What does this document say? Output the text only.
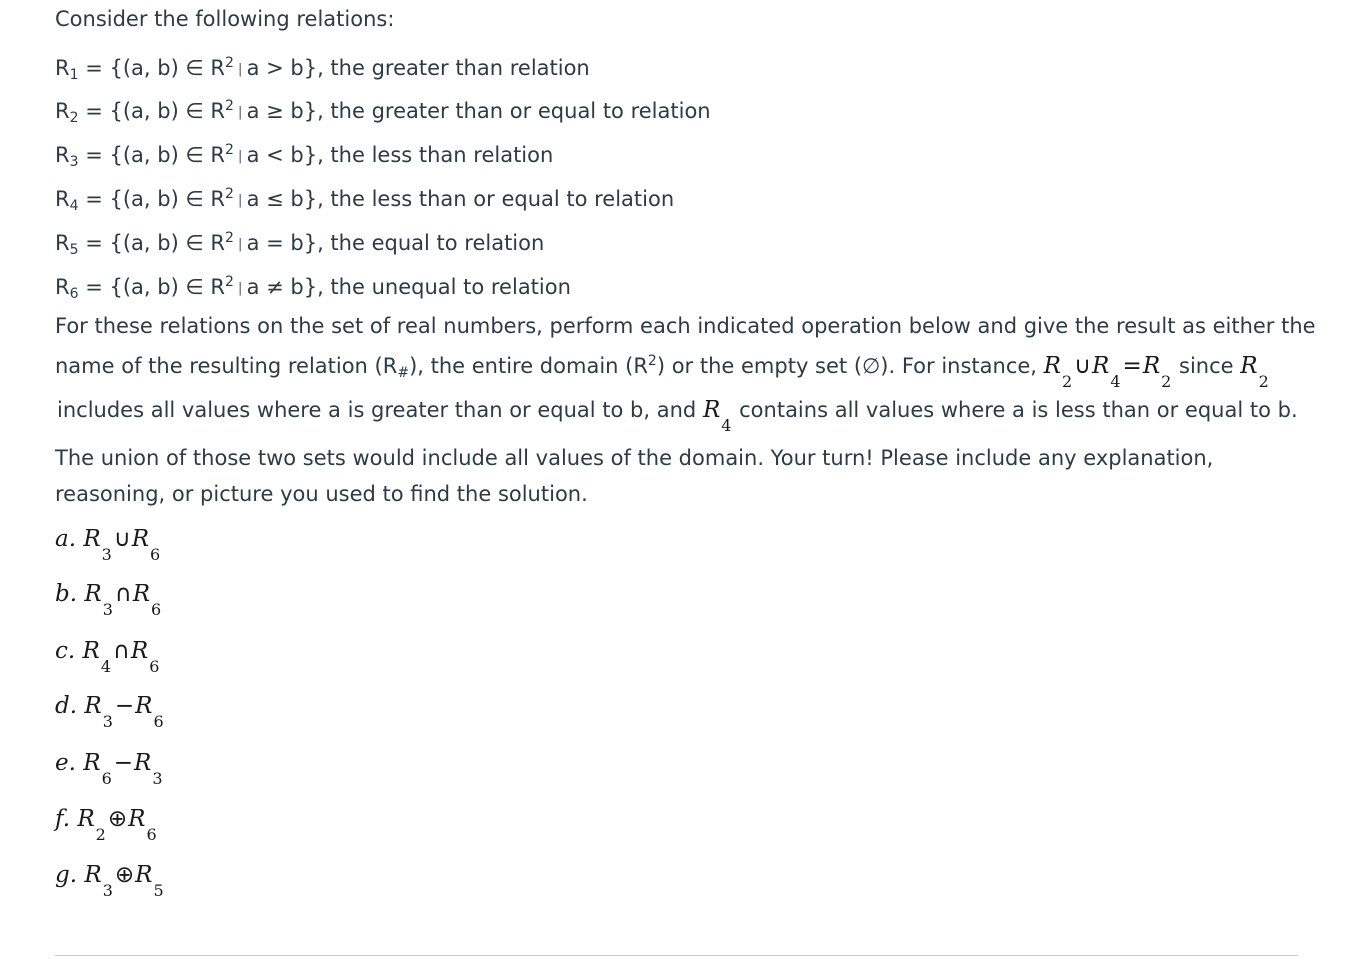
Consider the following relations:
$R_1 = \{(a$, b) ∈ $R^2$ | a > b}, the greater than relation
$R_2 = \{(a$, b) ∈ $R^2$ | a ≥ b}, the greater than or equal to relation
$R_3 = \{(a$, b) ∈ $R^2$ | a < b}, the less than relation
$R_4 = \{(a$, b) ∈ $R^2$ | a ≤ b}, the less than or equal to relation
$R_5 = \{(a$, b) ∈ $R^2$ | a = b}, the equal to relation
$R_6 = \{(a$, b) ∈ $R^2$ | a ≠ b}, the unequal to relation
For these relations on the set of real numbers, perform each indicated operation below and give the result as either the
name of the resulting relation $(R_{\#})$, the entire domain $(R^2)$ or the empty set (∅). For instance, $R_2\cup R_4=R_2$ since $R_2$
includes all values where a is greater than or equal to b, and $R_4$ contains all values where a is less than or equal to b.
The union of those two sets would include all values of the domain. Your turn! Please include any explanation,
reasoning, or picture you used to find the solution.
a. $R_3\cup R_6$
b. $R_3\cap R_6$
c. $R_4\cap R_6$
d. $R_3-R_6$
e. $R_6-R_3$
f. $R_2\oplus R_6$
g. $R_3\oplus R_5$
